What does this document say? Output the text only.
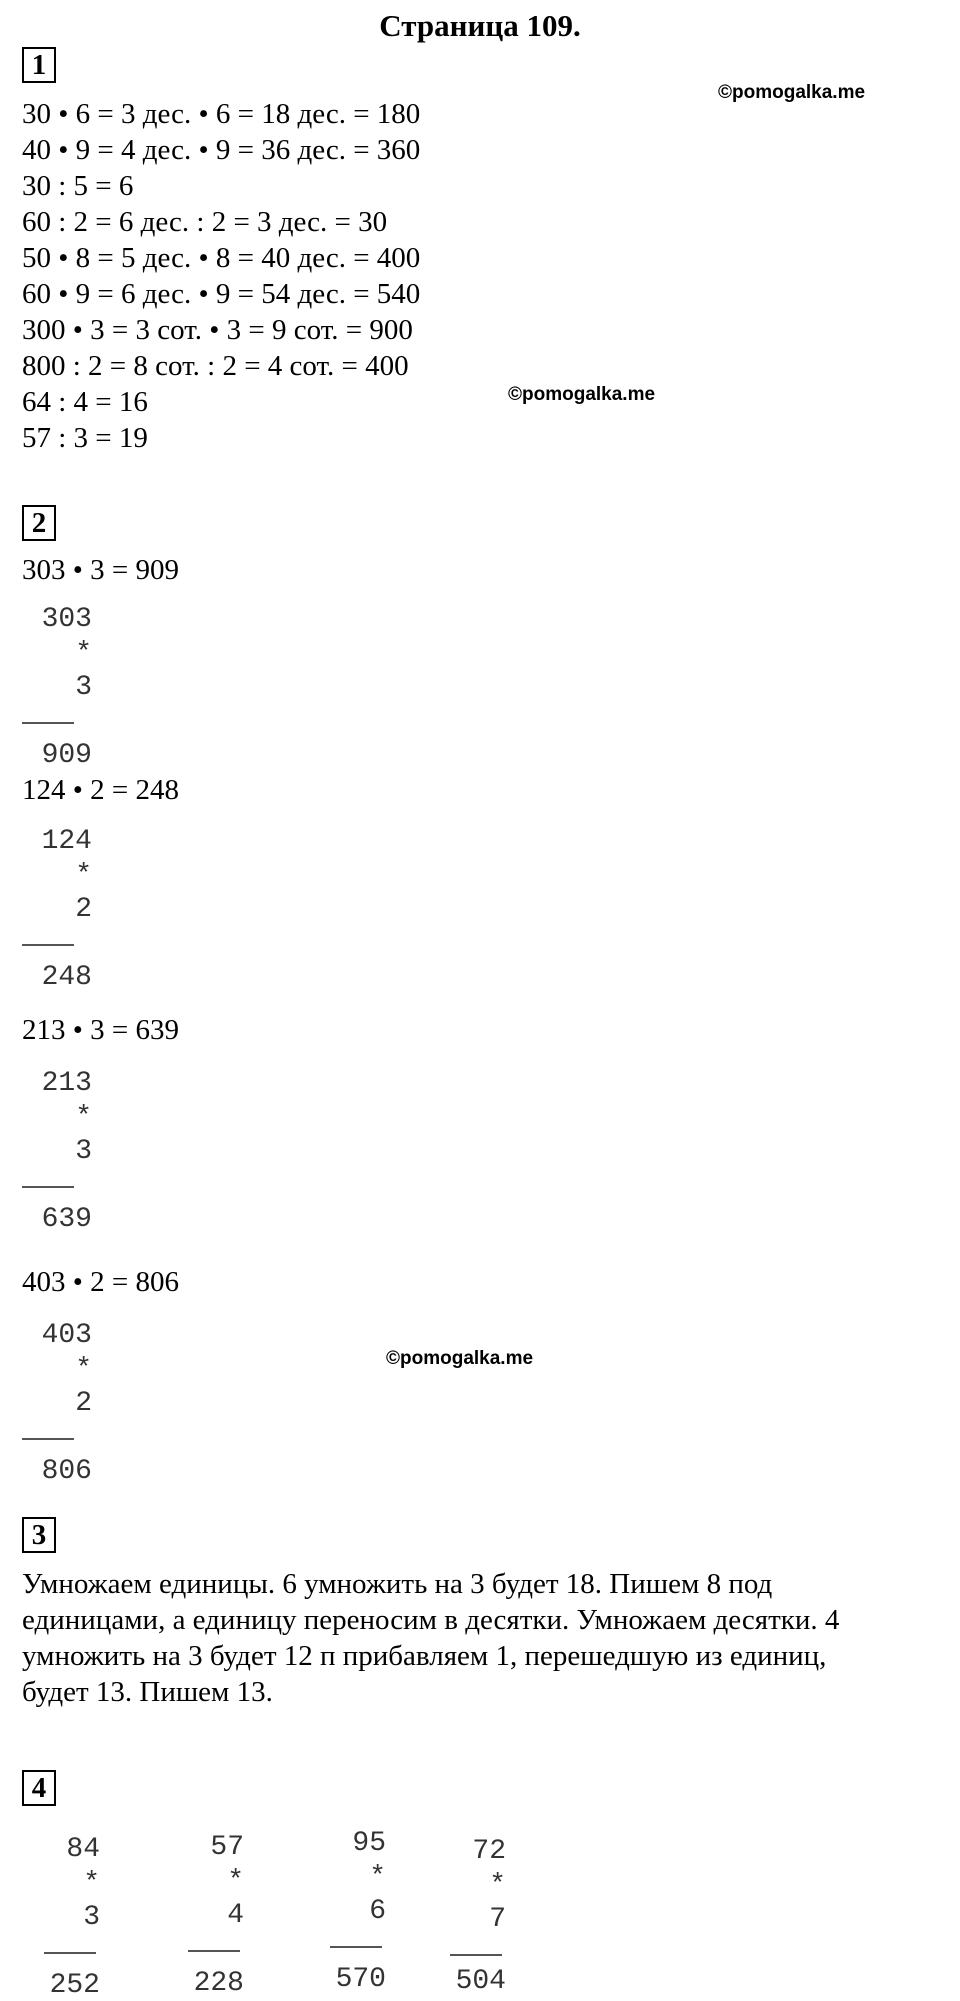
Страница 109.
©pomogalka.me
©pomogalka.me
©pomogalka.me
1
30 • 6 = 3 дес. • 6 = 18 дес. = 180
40 • 9 = 4 дес. • 9 = 36 дес. = 360
30 : 5 = 6
60 : 2 = 6 дес. : 2 = 3 дес. = 30
50 • 8 = 5 дес. • 8 = 40 дес. = 400
60 • 9 = 6 дес. • 9 = 54 дес. = 540
300 • 3 = 3 сот. • 3 = 9 сот. = 900
800 : 2 = 8 сот. : 2 = 4 сот. = 400
64 : 4 = 16
57 : 3 = 19
2
303 • 3 = 909
303
*
3
909
124 • 2 = 248
124
*
2
248
213 • 3 = 639
213
*
3
639
403 • 2 = 806
403
*
2
806
3
Умножаем единицы. 6 умножить на 3 будет 18. Пишем 8 под
единицами, а единицу переносим в десятки. Умножаем десятки. 4
умножить на 3 будет 12 п прибавляем 1, перешедшую из единиц,
будет 13. Пишем 13.
4
84
*
3
252
57
*
4
228
95
*
6
570
72
*
7
504
